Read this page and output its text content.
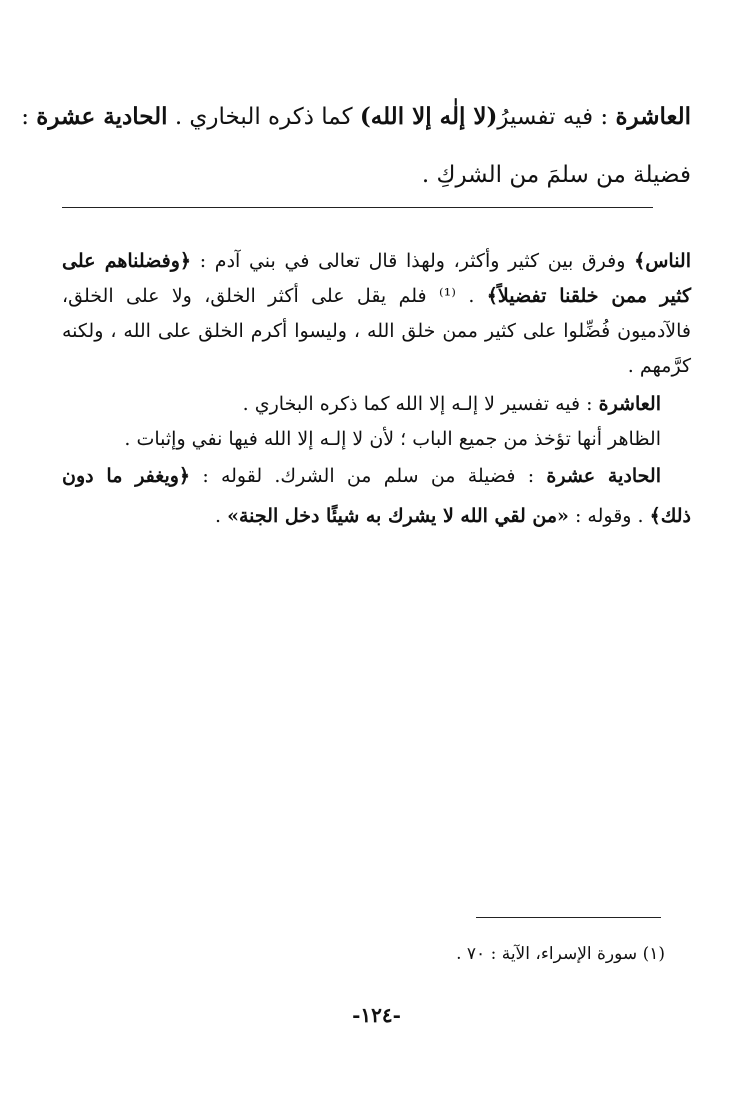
العاشرة : فيه تفسيرُ(لا إلٰه إلا الله) كما ذكره البخاري . الحادية عشرة :
فضيلة من سلمَ من الشركِ .
الناس﴾ وفرق بين كثير وأكثر، ولهذا قال تعالى في بني آدم : ﴿وفضلناهم على
كثير ممن خلقنا تفضيلاً﴾ . ⁽¹⁾ فلم يقل على أكثر الخلق، ولا على الخلق،
فالآدميون فُضِّلوا على كثير ممن خلق الله ، وليسوا أكرم الخلق على الله ، ولكنه
كرَّمهم .
العاشرة : فيه تفسير لا إلـه إلا الله كما ذكره البخاري .
الظاهر أنها تؤخذ من جميع الباب ؛ لأن لا إلـه إلا الله فيها نفي وإثبات .
الحادية عشرة : فضيلة من سلم من الشرك. لقوله : ﴿ويغفر ما دون
ذلك﴾ . وقوله : «من لقي الله لا يشرك به شيئًا دخل الجنة» .
(١) سورة الإسراء، الآية : ٧٠ .
-١٢٤-
